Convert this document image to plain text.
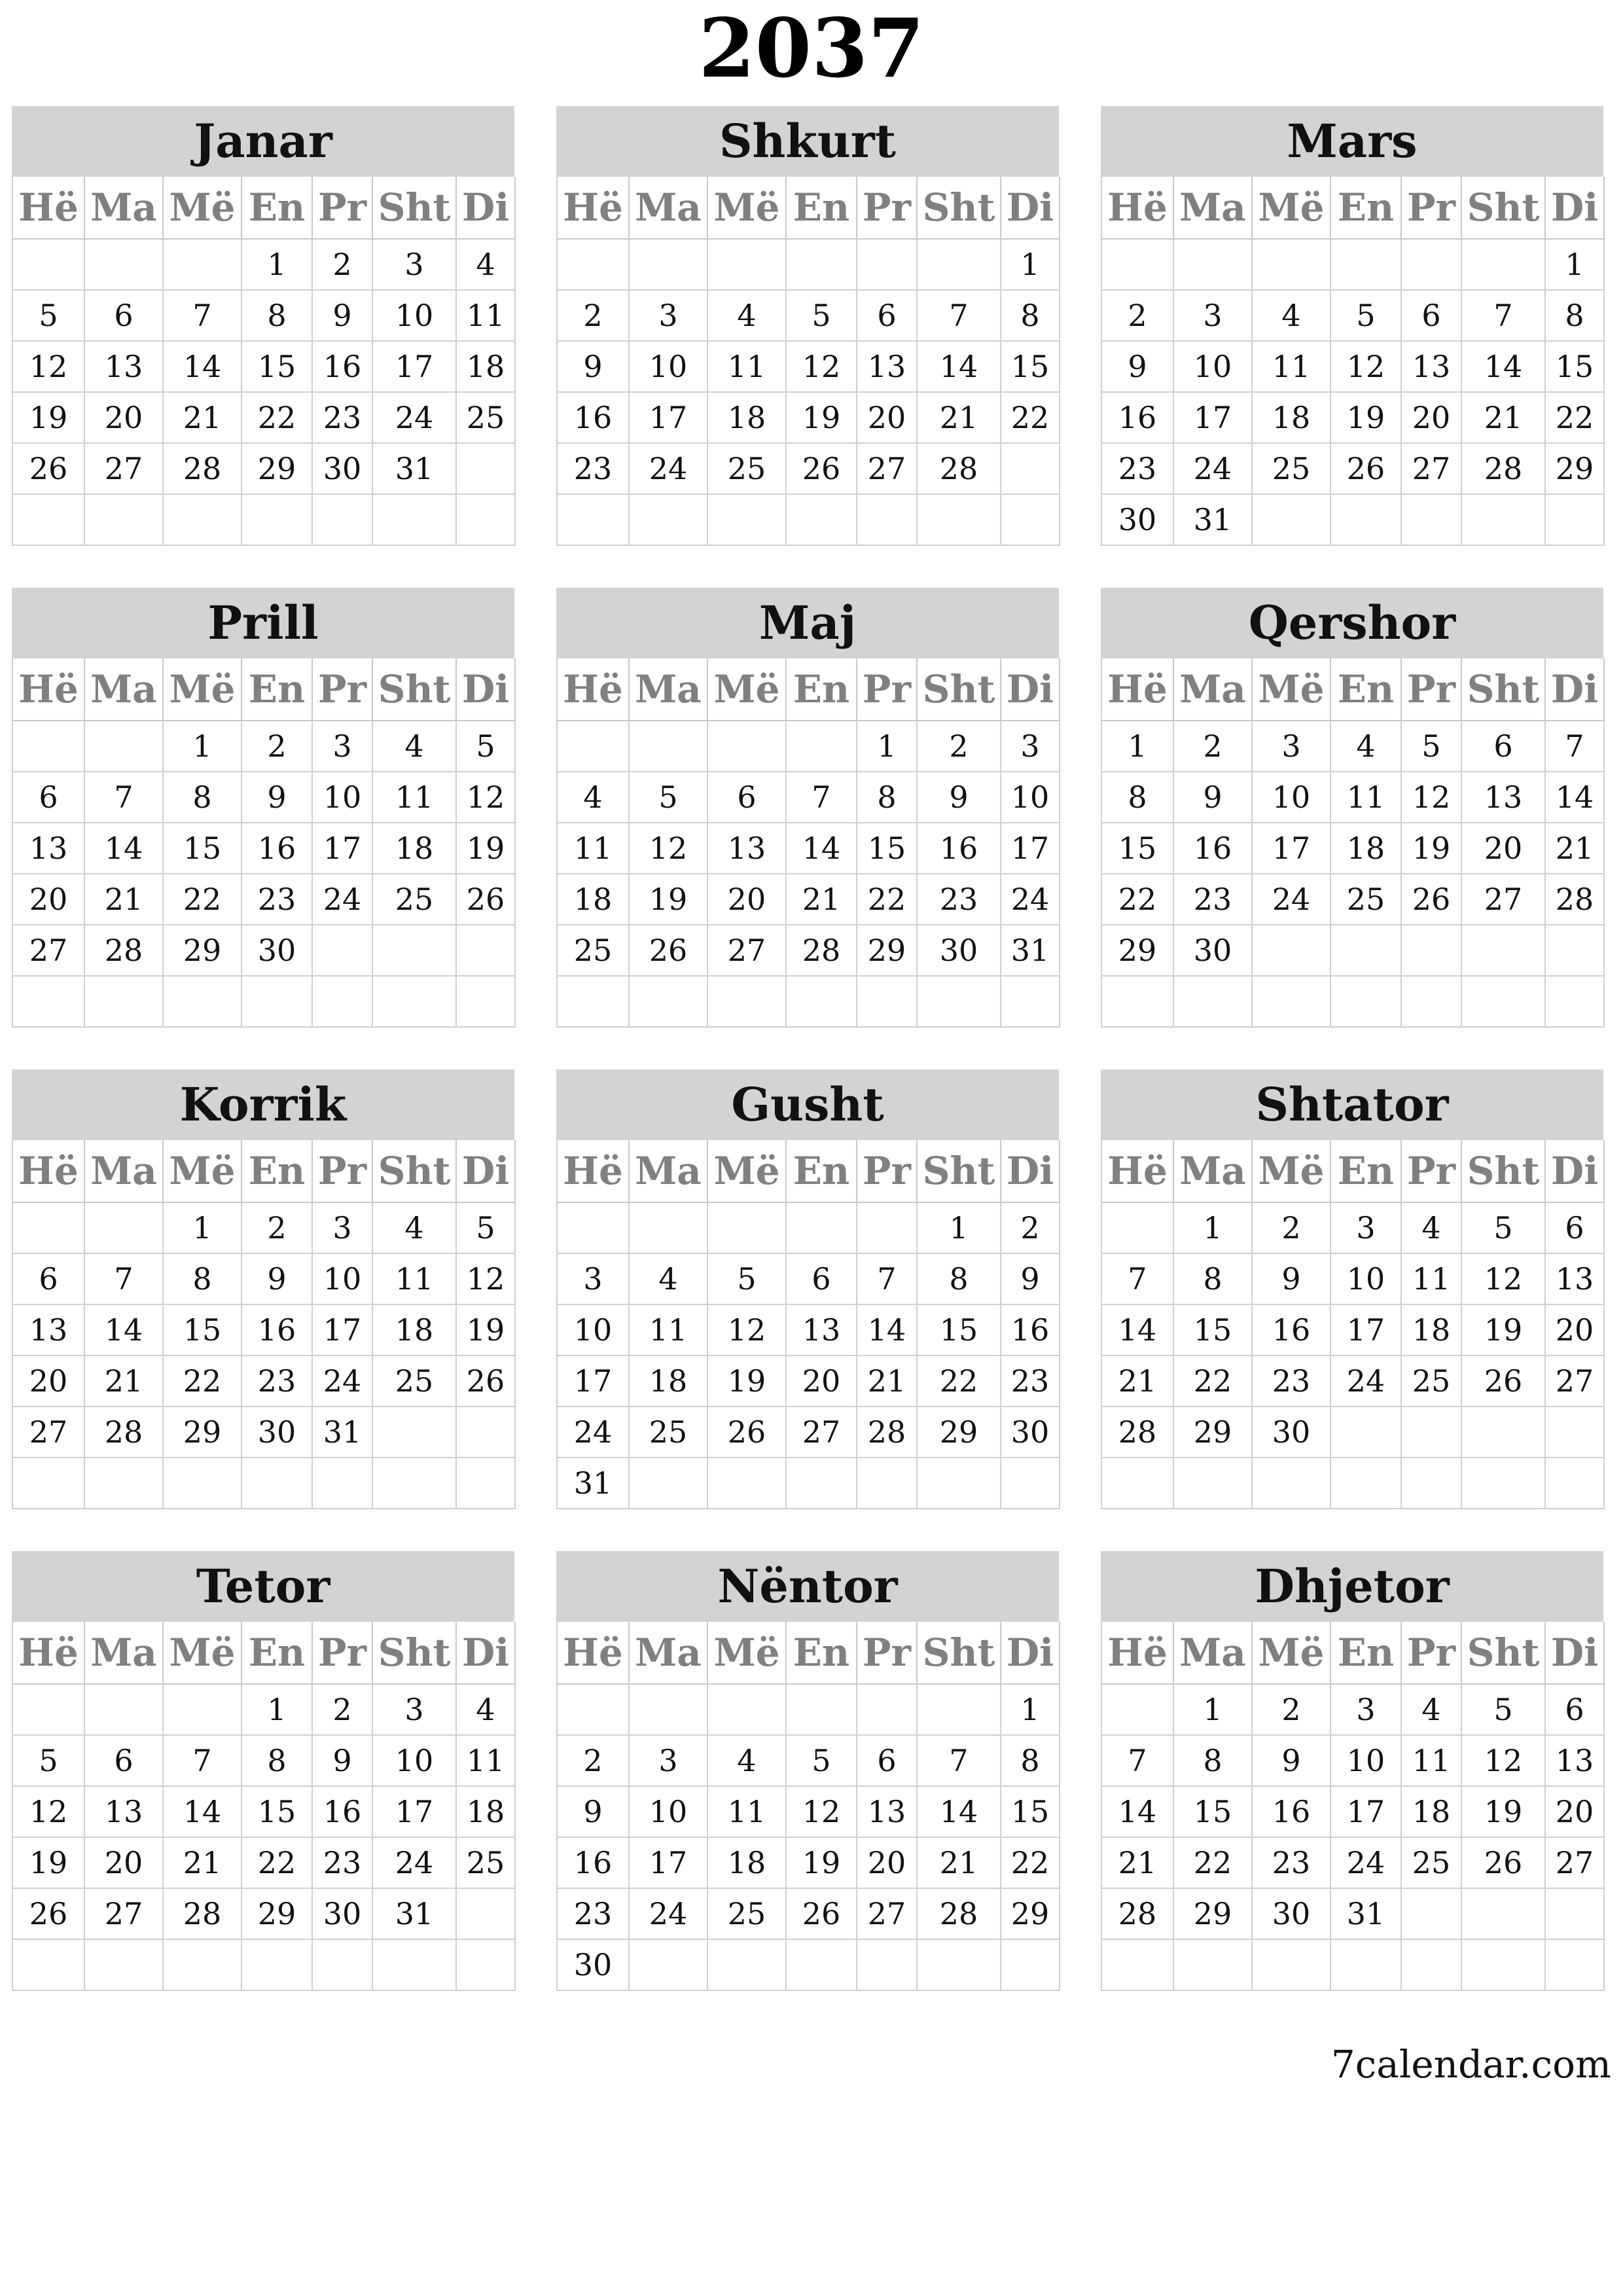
2037
Janar
Hë	Ma	Më	En	Pr	Sht	Di
			1	2	3	4
5	6	7	8	9	10	11
12	13	14	15	16	17	18
19	20	21	22	23	24	25
26	27	28	29	30	31	

Shkurt
Hë	Ma	Më	En	Pr	Sht	Di
						1
2	3	4	5	6	7	8
9	10	11	12	13	14	15
16	17	18	19	20	21	22
23	24	25	26	27	28	

Mars
Hë	Ma	Më	En	Pr	Sht	Di
						1
2	3	4	5	6	7	8
9	10	11	12	13	14	15
16	17	18	19	20	21	22
23	24	25	26	27	28	29
30	31					
Prill
Hë	Ma	Më	En	Pr	Sht	Di
		1	2	3	4	5
6	7	8	9	10	11	12
13	14	15	16	17	18	19
20	21	22	23	24	25	26
27	28	29	30			

Maj
Hë	Ma	Më	En	Pr	Sht	Di
				1	2	3
4	5	6	7	8	9	10
11	12	13	14	15	16	17
18	19	20	21	22	23	24
25	26	27	28	29	30	31

Qershor
Hë	Ma	Më	En	Pr	Sht	Di
1	2	3	4	5	6	7
8	9	10	11	12	13	14
15	16	17	18	19	20	21
22	23	24	25	26	27	28
29	30					

Korrik
Hë	Ma	Më	En	Pr	Sht	Di
		1	2	3	4	5
6	7	8	9	10	11	12
13	14	15	16	17	18	19
20	21	22	23	24	25	26
27	28	29	30	31		

Gusht
Hë	Ma	Më	En	Pr	Sht	Di
					1	2
3	4	5	6	7	8	9
10	11	12	13	14	15	16
17	18	19	20	21	22	23
24	25	26	27	28	29	30
31						
Shtator
Hë	Ma	Më	En	Pr	Sht	Di
	1	2	3	4	5	6
7	8	9	10	11	12	13
14	15	16	17	18	19	20
21	22	23	24	25	26	27
28	29	30				

Tetor
Hë	Ma	Më	En	Pr	Sht	Di
			1	2	3	4
5	6	7	8	9	10	11
12	13	14	15	16	17	18
19	20	21	22	23	24	25
26	27	28	29	30	31	

Nëntor
Hë	Ma	Më	En	Pr	Sht	Di
						1
2	3	4	5	6	7	8
9	10	11	12	13	14	15
16	17	18	19	20	21	22
23	24	25	26	27	28	29
30						
Dhjetor
Hë	Ma	Më	En	Pr	Sht	Di
	1	2	3	4	5	6
7	8	9	10	11	12	13
14	15	16	17	18	19	20
21	22	23	24	25	26	27
28	29	30	31			

7calendar.com
